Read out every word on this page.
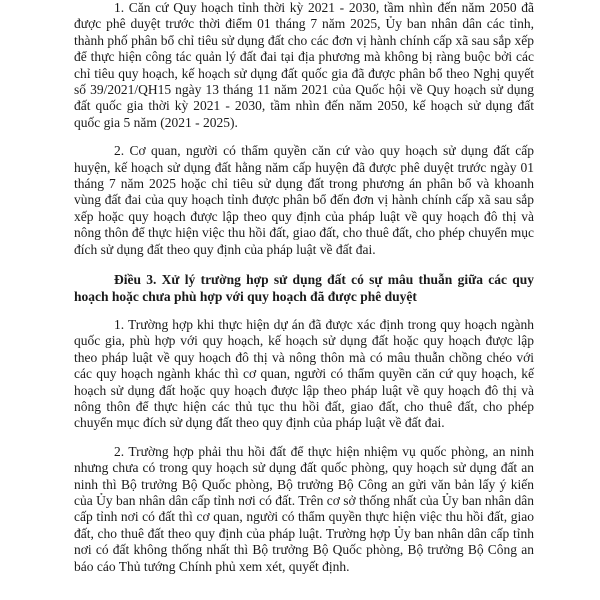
1. Căn cứ Quy hoạch tỉnh thời kỳ 2021 - 2030, tầm nhìn đến năm 2050 đã được phê duyệt trước thời điểm 01 tháng 7 năm 2025, Ủy ban nhân dân các tỉnh, thành phố phân bổ chỉ tiêu sử dụng đất cho các đơn vị hành chính cấp xã sau sắp xếp để thực hiện công tác quản lý đất đai tại địa phương mà không bị ràng buộc bởi các chỉ tiêu quy hoạch, kế hoạch sử dụng đất quốc gia đã được phân bổ theo Nghị quyết số 39/2021/QH15 ngày 13 tháng 11 năm 2021 của Quốc hội về Quy hoạch sử dụng đất quốc gia thời kỳ 2021 - 2030, tầm nhìn đến năm 2050, kế hoạch sử dụng đất quốc gia 5 năm (2021 - 2025).

2. Cơ quan, người có thẩm quyền căn cứ vào quy hoạch sử dụng đất cấp huyện, kế hoạch sử dụng đất hằng năm cấp huyện đã được phê duyệt trước ngày 01 tháng 7 năm 2025 hoặc chỉ tiêu sử dụng đất trong phương án phân bổ và khoanh vùng đất đai của quy hoạch tỉnh được phân bổ đến đơn vị hành chính cấp xã sau sắp xếp hoặc quy hoạch được lập theo quy định của pháp luật về quy hoạch đô thị và nông thôn để thực hiện việc thu hồi đất, giao đất, cho thuê đất, cho phép chuyển mục đích sử dụng đất theo quy định của pháp luật về đất đai.

Điều 3. Xử lý trường hợp sử dụng đất có sự mâu thuẫn giữa các quy hoạch hoặc chưa phù hợp với quy hoạch đã được phê duyệt

1. Trường hợp khi thực hiện dự án đã được xác định trong quy hoạch ngành quốc gia, phù hợp với quy hoạch, kế hoạch sử dụng đất hoặc quy hoạch được lập theo pháp luật về quy hoạch đô thị và nông thôn mà có mâu thuẫn chồng chéo với các quy hoạch ngành khác thì cơ quan, người có thẩm quyền căn cứ quy hoạch, kế hoạch sử dụng đất hoặc quy hoạch được lập theo pháp luật về quy hoạch đô thị và nông thôn để thực hiện các thủ tục thu hồi đất, giao đất, cho thuê đất, cho phép chuyển mục đích sử dụng đất theo quy định của pháp luật về đất đai.

2. Trường hợp phải thu hồi đất để thực hiện nhiệm vụ quốc phòng, an ninh nhưng chưa có trong quy hoạch sử dụng đất quốc phòng, quy hoạch sử dụng đất an ninh thì Bộ trưởng Bộ Quốc phòng, Bộ trưởng Bộ Công an gửi văn bản lấy ý kiến của Ủy ban nhân dân cấp tỉnh nơi có đất. Trên cơ sở thống nhất của Ủy ban nhân dân cấp tỉnh nơi có đất thì cơ quan, người có thẩm quyền thực hiện việc thu hồi đất, giao đất, cho thuê đất theo quy định của pháp luật. Trường hợp Ủy ban nhân dân cấp tỉnh nơi có đất không thống nhất thì Bộ trưởng Bộ Quốc phòng, Bộ trưởng Bộ Công an báo cáo Thủ tướng Chính phủ xem xét, quyết định.
